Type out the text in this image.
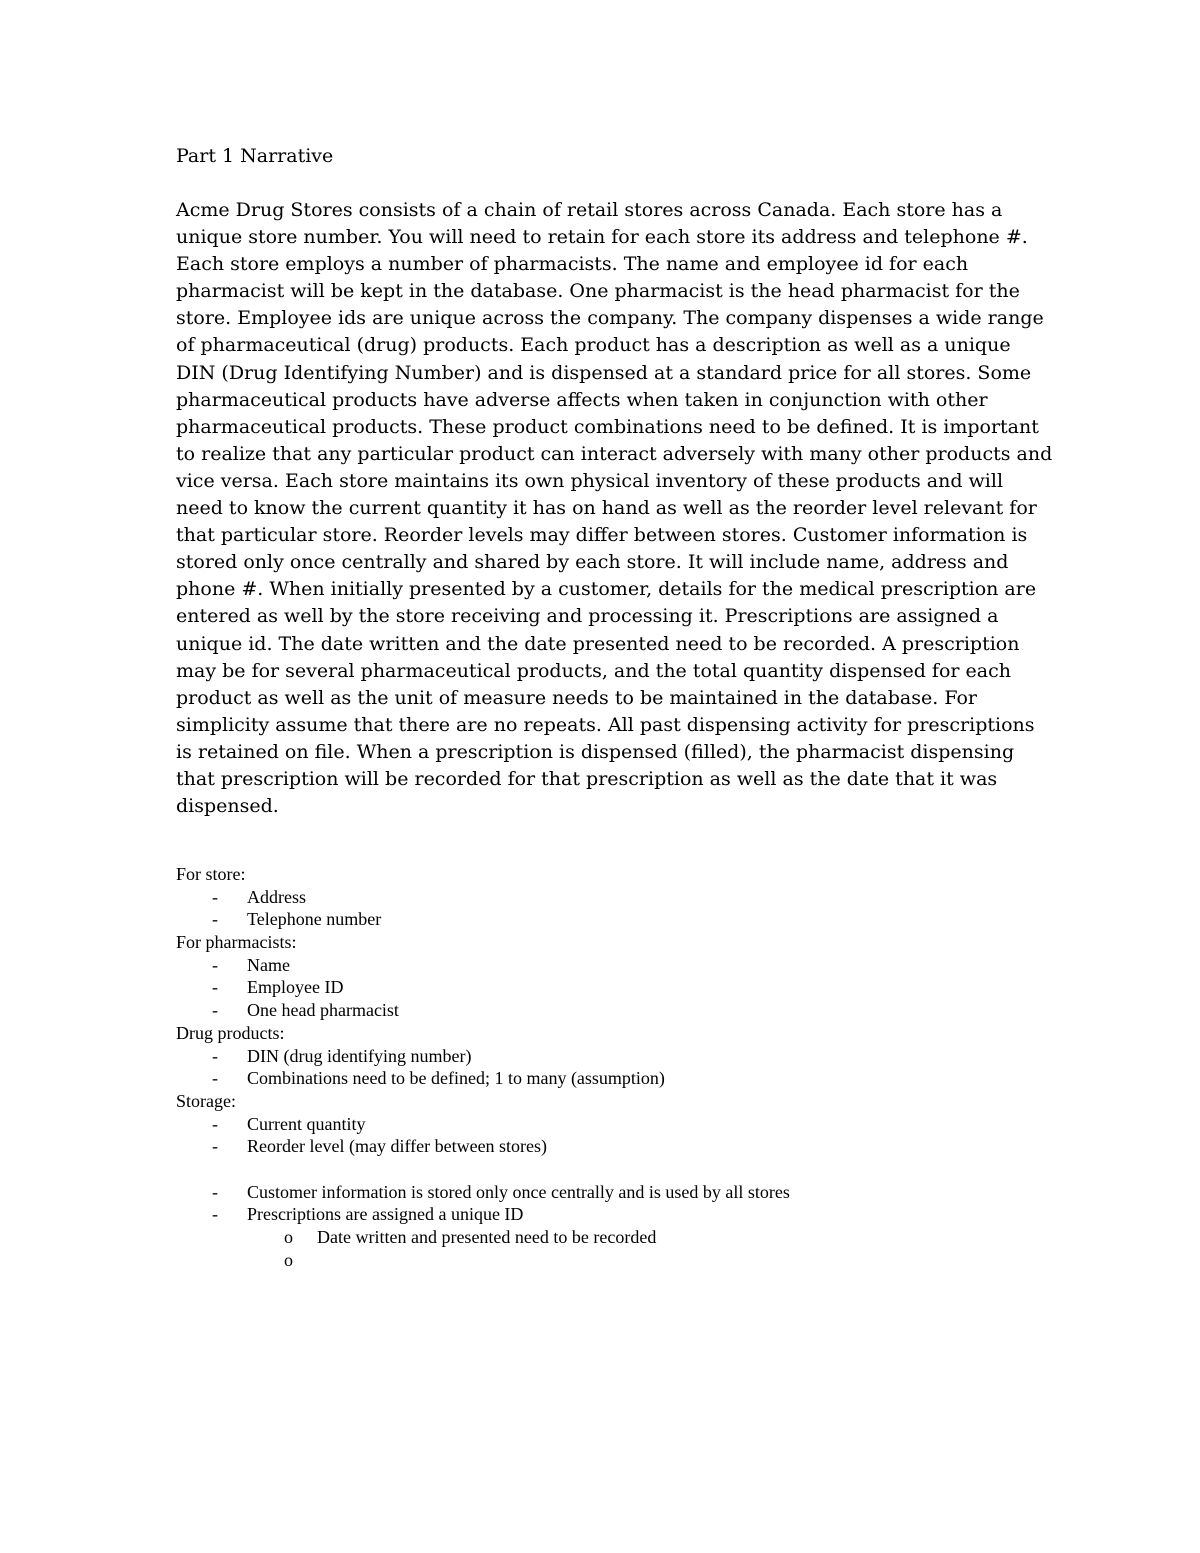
Part 1 Narrative
Acme Drug Stores consists of a chain of retail stores across Canada. Each store has a
unique store number. You will need to retain for each store its address and telephone #.
Each store employs a number of pharmacists. The name and employee id for each
pharmacist will be kept in the database. One pharmacist is the head pharmacist for the
store. Employee ids are unique across the company. The company dispenses a wide range
of pharmaceutical (drug) products. Each product has a description as well as a unique
DIN (Drug Identifying Number) and is dispensed at a standard price for all stores. Some
pharmaceutical products have adverse affects when taken in conjunction with other
pharmaceutical products. These product combinations need to be defined. It is important
to realize that any particular product can interact adversely with many other products and
vice versa. Each store maintains its own physical inventory of these products and will
need to know the current quantity it has on hand as well as the reorder level relevant for
that particular store. Reorder levels may differ between stores. Customer information is
stored only once centrally and shared by each store. It will include name, address and
phone #. When initially presented by a customer, details for the medical prescription are
entered as well by the store receiving and processing it. Prescriptions are assigned a
unique id. The date written and the date presented need to be recorded. A prescription
may be for several pharmaceutical products, and the total quantity dispensed for each
product as well as the unit of measure needs to be maintained in the database. For
simplicity assume that there are no repeats. All past dispensing activity for prescriptions
is retained on file. When a prescription is dispensed (filled), the pharmacist dispensing
that prescription will be recorded for that prescription as well as the date that it was
dispensed.
For store:
- Address
- Telephone number
For pharmacists:
- Name
- Employee ID
- One head pharmacist
Drug products:
- DIN (drug identifying number)
- Combinations need to be defined; 1 to many (assumption)
Storage:
- Current quantity
- Reorder level (may differ between stores)
- Customer information is stored only once centrally and is used by all stores
- Prescriptions are assigned a unique ID
o Date written and presented need to be recorded
o
